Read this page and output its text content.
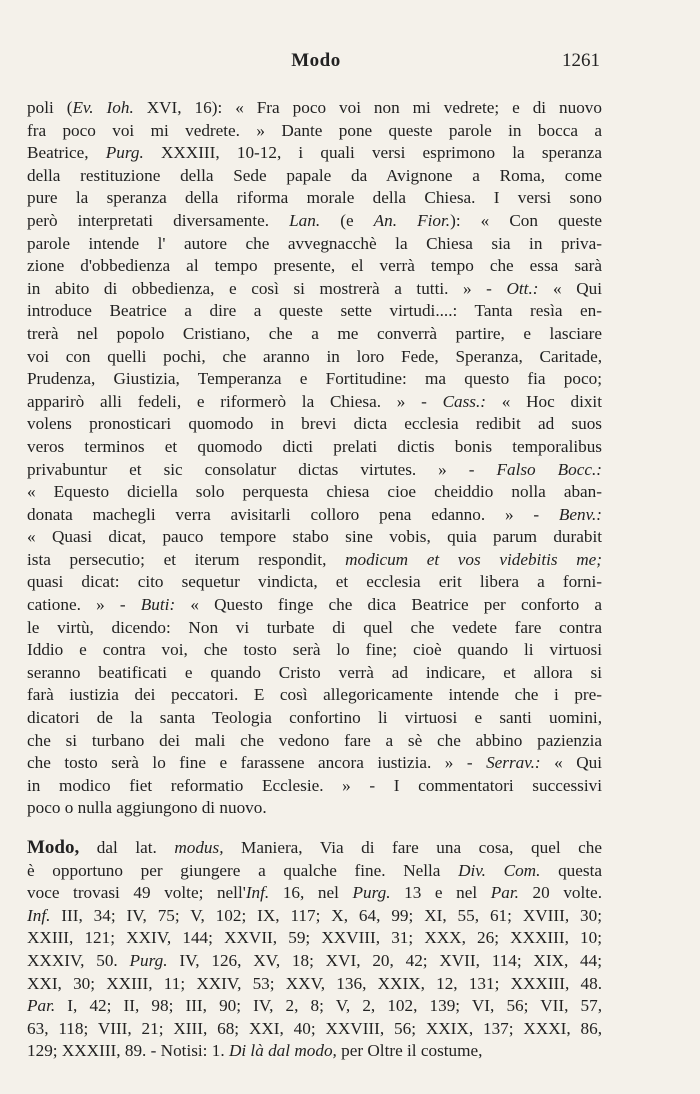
Modo	1261
poli (Ev. Ioh. XVI, 16): « Fra poco voi non mi vedrete; e di nuovo
fra poco voi mi vedrete. » Dante pone queste parole in bocca a
Beatrice, Purg. XXXIII, 10-12, i quali versi esprimono la speranza
della restituzione della Sede papale da Avignone a Roma, come
pure la speranza della riforma morale della Chiesa. I versi sono
però interpretati diversamente. Lan. (e An. Fior.): « Con queste
parole intende l' autore che avvegnacchè la Chiesa sia in priva-
zione d'obbedienza al tempo presente, el verrà tempo che essa sarà
in abito di obbedienza, e così si mostrerà a tutti. » - Ott.: « Qui
introduce Beatrice a dire a queste sette virtudi....: Tanta resìa en-
trerà nel popolo Cristiano, che a me converrà partire, e lasciare
voi con quelli pochi, che aranno in loro Fede, Speranza, Caritade,
Prudenza, Giustizia, Temperanza e Fortitudine: ma questo fia poco;
apparirò alli fedeli, e riformerò la Chiesa. » - Cass.: « Hoc dixit
volens pronosticari quomodo in brevi dicta ecclesia redibit ad suos
veros terminos et quomodo dicti prelati dictis bonis temporalibus
privabuntur et sic consolatur dictas virtutes. » - Falso Bocc.:
« Equesto diciella solo perquesta chiesa cioe cheiddio nolla aban-
donata machegli verra avisitarli colloro pena edanno. » - Benv.:
« Quasi dicat, pauco tempore stabo sine vobis, quia parum durabit
ista persecutio; et iterum respondit, modicum et vos videbitis me;
quasi dicat: cito sequetur vindicta, et ecclesia erit libera a forni-
catione. » - Buti: « Questo finge che dica Beatrice per conforto a
le virtù, dicendo: Non vi turbate di quel che vedete fare contra
Iddio e contra voi, che tosto serà lo fine; cioè quando li virtuosi
seranno beatificati e quando Cristo verrà ad indicare, et allora si
farà iustizia dei peccatori. E così allegoricamente intende che i pre-
dicatori de la santa Teologia confortino li virtuosi e santi uomini,
che si turbano dei mali che vedono fare a sè che abbino pazienzia
che tosto serà lo fine e farassene ancora iustizia. » - Serrav.: « Qui
in modico fiet reformatio Ecclesie. » - I commentatori successivi
poco o nulla aggiungono di nuovo.
Modo, dal lat. modus, Maniera, Via di fare una cosa, quel che
è opportuno per giungere a qualche fine. Nella Div. Com. questa
voce trovasi 49 volte; nell'Inf. 16, nel Purg. 13 e nel Par. 20 volte.
Inf. III, 34; IV, 75; V, 102; IX, 117; X, 64, 99; XI, 55, 61; XVIII, 30;
XXIII, 121; XXIV, 144; XXVII, 59; XXVIII, 31; XXX, 26; XXXIII, 10;
XXXIV, 50. Purg. IV, 126, XV, 18; XVI, 20, 42; XVII, 114; XIX, 44;
XXI, 30; XXIII, 11; XXIV, 53; XXV, 136, XXIX, 12, 131; XXXIII, 48.
Par. I, 42; II, 98; III, 90; IV, 2, 8; V, 2, 102, 139; VI, 56; VII, 57,
63, 118; VIII, 21; XIII, 68; XXI, 40; XXVIII, 56; XXIX, 137; XXXI, 86,
129; XXXIII, 89. - Notisi: 1. Di là dal modo, per Oltre il costume,
